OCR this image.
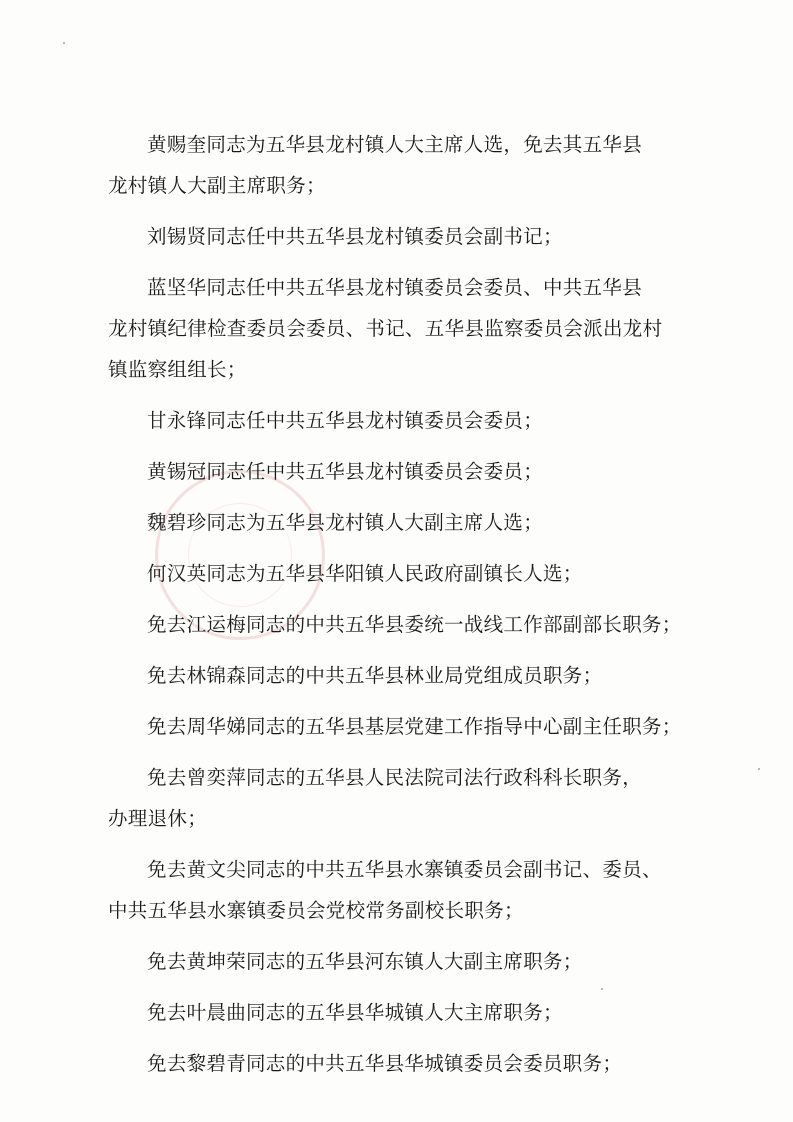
黄赐奎同志为五华县龙村镇人大主席人选，免去其五华县

龙村镇人大副主席职务；

刘锡贤同志任中共五华县龙村镇委员会副书记；

蓝坚华同志任中共五华县龙村镇委员会委员、中共五华县

龙村镇纪律检查委员会委员、书记、五华县监察委员会派出龙村

镇监察组组长；

甘永锋同志任中共五华县龙村镇委员会委员；

黄锡冠同志任中共五华县龙村镇委员会委员；

魏碧珍同志为五华县龙村镇人大副主席人选；

何汉英同志为五华县华阳镇人民政府副镇长人选；

免去江运梅同志的中共五华县委统一战线工作部副部长职务；

免去林锦森同志的中共五华县林业局党组成员职务；

免去周华娣同志的五华县基层党建工作指导中心副主任职务；

免去曾奕萍同志的五华县人民法院司法行政科科长职务，

办理退休；

免去黄文尖同志的中共五华县水寨镇委员会副书记、委员、

中共五华县水寨镇委员会党校常务副校长职务；

免去黄坤荣同志的五华县河东镇人大副主席职务；

免去叶晨曲同志的五华县华城镇人大主席职务；

免去黎碧青同志的中共五华县华城镇委员会委员职务；
